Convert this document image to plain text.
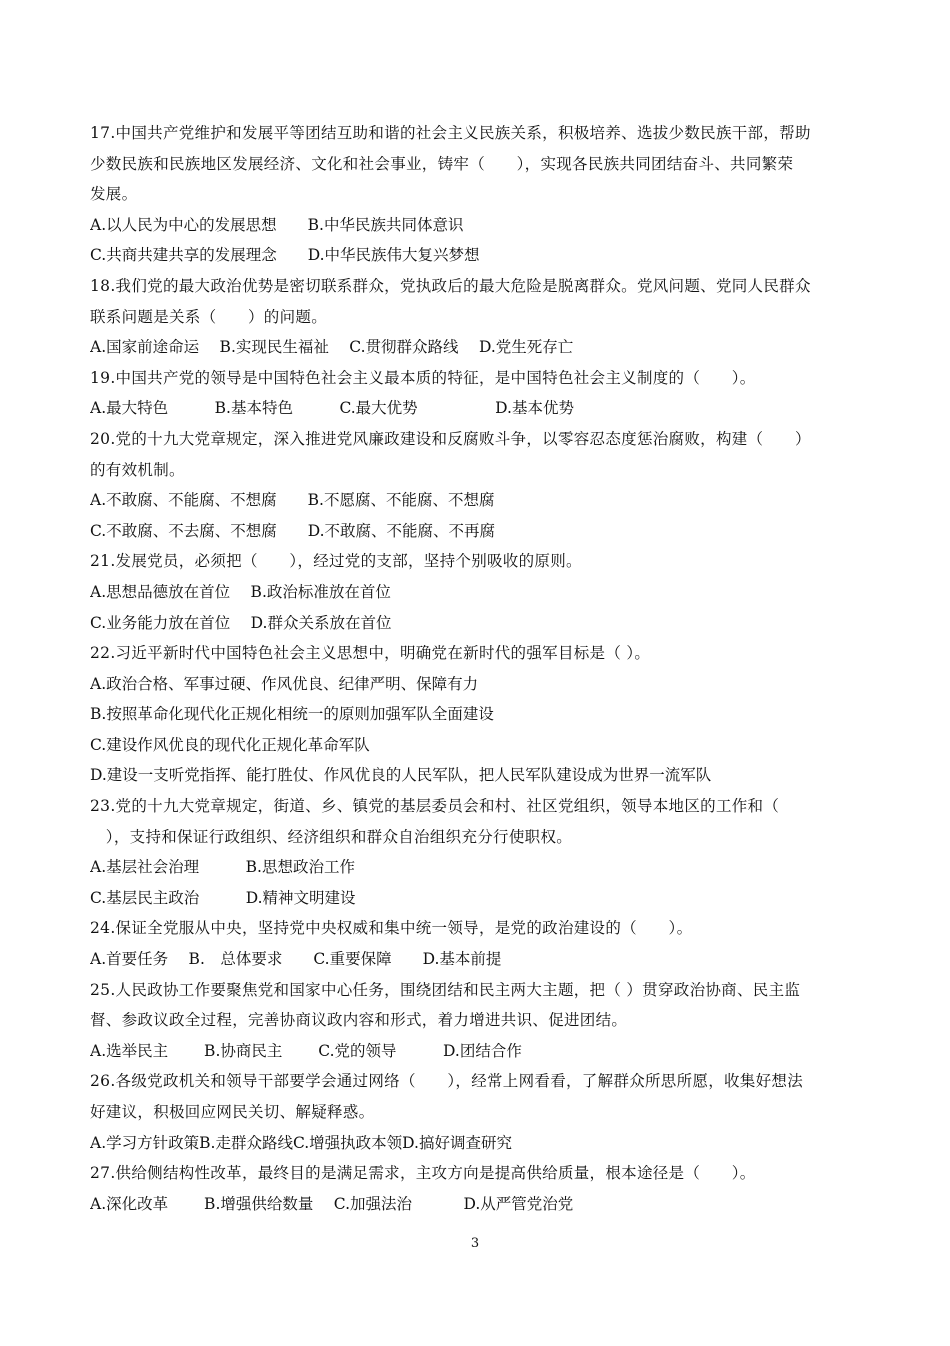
17.中国共产党维护和发展平等团结互助和谐的社会主义民族关系，积极培养、选拔少数民族干部，帮助
少数民族和民族地区发展经济、文化和社会事业，铸牢（　　），实现各民族共同团结奋斗、共同繁荣
发展。
A.以人民为中心的发展思想　　B.中华民族共同体意识
C.共商共建共享的发展理念　　D.中华民族伟大复兴梦想
18.我们党的最大政治优势是密切联系群众，党执政后的最大危险是脱离群众。党风问题、党同人民群众
联系问题是关系（　　）的问题。
A.国家前途命运　 B.实现民生福祉　 C.贯彻群众路线　 D.党生死存亡
19.中国共产党的领导是中国特色社会主义最本质的特征，是中国特色社会主义制度的（　　）。
A.最大特色　　　B.基本特色　　　C.最大优势　　　　　D.基本优势
20.党的十九大党章规定，深入推进党风廉政建设和反腐败斗争，以零容忍态度惩治腐败，构建（　　）
的有效机制。
A.不敢腐、不能腐、不想腐　　B.不愿腐、不能腐、不想腐
C.不敢腐、不去腐、不想腐　　D.不敢腐、不能腐、不再腐
21.发展党员，必须把（　　），经过党的支部，坚持个别吸收的原则。
A.思想品德放在首位　 B.政治标准放在首位
C.业务能力放在首位　 D.群众关系放在首位
22.习近平新时代中国特色社会主义思想中，明确党在新时代的强军目标是（ ）。
A.政治合格、军事过硬、作风优良、纪律严明、保障有力
B.按照革命化现代化正规化相统一的原则加强军队全面建设
C.建设作风优良的现代化正规化革命军队
D.建设一支听党指挥、能打胜仗、作风优良的人民军队，把人民军队建设成为世界一流军队
23.党的十九大党章规定，街道、乡、镇党的基层委员会和村、社区党组织，领导本地区的工作和（
　），支持和保证行政组织、经济组织和群众自治组织充分行使职权。
A.基层社会治理　　　B.思想政治工作
C.基层民主政治　　　D.精神文明建设
24.保证全党服从中央，坚持党中央权威和集中统一领导，是党的政治建设的（　　）。
A.首要任务　 B.　总体要求　　C.重要保障　　D.基本前提
25.人民政协工作要聚焦党和国家中心任务，围绕团结和民主两大主题，把（ ）贯穿政治协商、民主监
督、参政议政全过程，完善协商议政内容和形式，着力增进共识、促进团结。
A.选举民主　　 B.协商民主　　 C.党的领导　　　D.团结合作
26.各级党政机关和领导干部要学会通过网络（　　），经常上网看看，了解群众所思所愿，收集好想法
好建议，积极回应网民关切、解疑释惑。
A.学习方针政策B.走群众路线C.增强执政本领D.搞好调查研究
27.供给侧结构性改革，最终目的是满足需求，主攻方向是提高供给质量，根本途径是（　　）。
A.深化改革　　 B.增强供给数量　 C.加强法治　　　 D.从严管党治党
3
